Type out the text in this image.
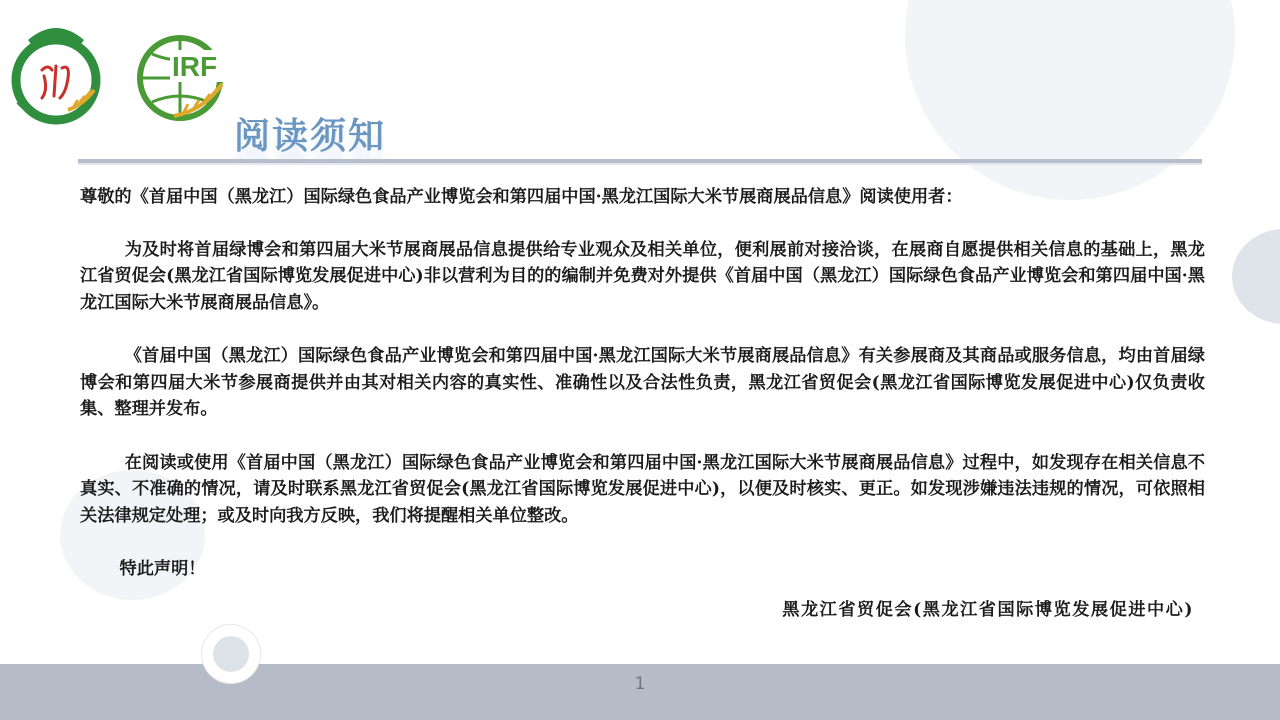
IRF
阅读须知

尊敬的《首届中国（黑龙江）国际绿色食品产业博览会和第四届中国·黑龙江国际大米节展商展品信息》阅读使用者：

为及时将首届绿博会和第四届大米节展商展品信息提供给专业观众及相关单位，便利展前对接洽谈，在展商自愿提供相关信息的基础上，黑龙江省贸促会(黑龙江省国际博览发展促进中心)非以营利为目的的编制并免费对外提供《首届中国（黑龙江）国际绿色食品产业博览会和第四届中国·黑龙江国际大米节展商展品信息》。

《首届中国（黑龙江）国际绿色食品产业博览会和第四届中国·黑龙江国际大米节展商展品信息》有关参展商及其商品或服务信息，均由首届绿博会和第四届大米节参展商提供并由其对相关内容的真实性、准确性以及合法性负责，黑龙江省贸促会(黑龙江省国际博览发展促进中心)仅负责收集、整理并发布。

在阅读或使用《首届中国（黑龙江）国际绿色食品产业博览会和第四届中国·黑龙江国际大米节展商展品信息》过程中，如发现存在相关信息不真实、不准确的情况，请及时联系黑龙江省贸促会(黑龙江省国际博览发展促进中心)，以便及时核实、更正。如发现涉嫌违法违规的情况，可依照相关法律规定处理；或及时向我方反映，我们将提醒相关单位整改。

特此声明！

黑龙江省贸促会(黑龙江省国际博览发展促进中心)
1
